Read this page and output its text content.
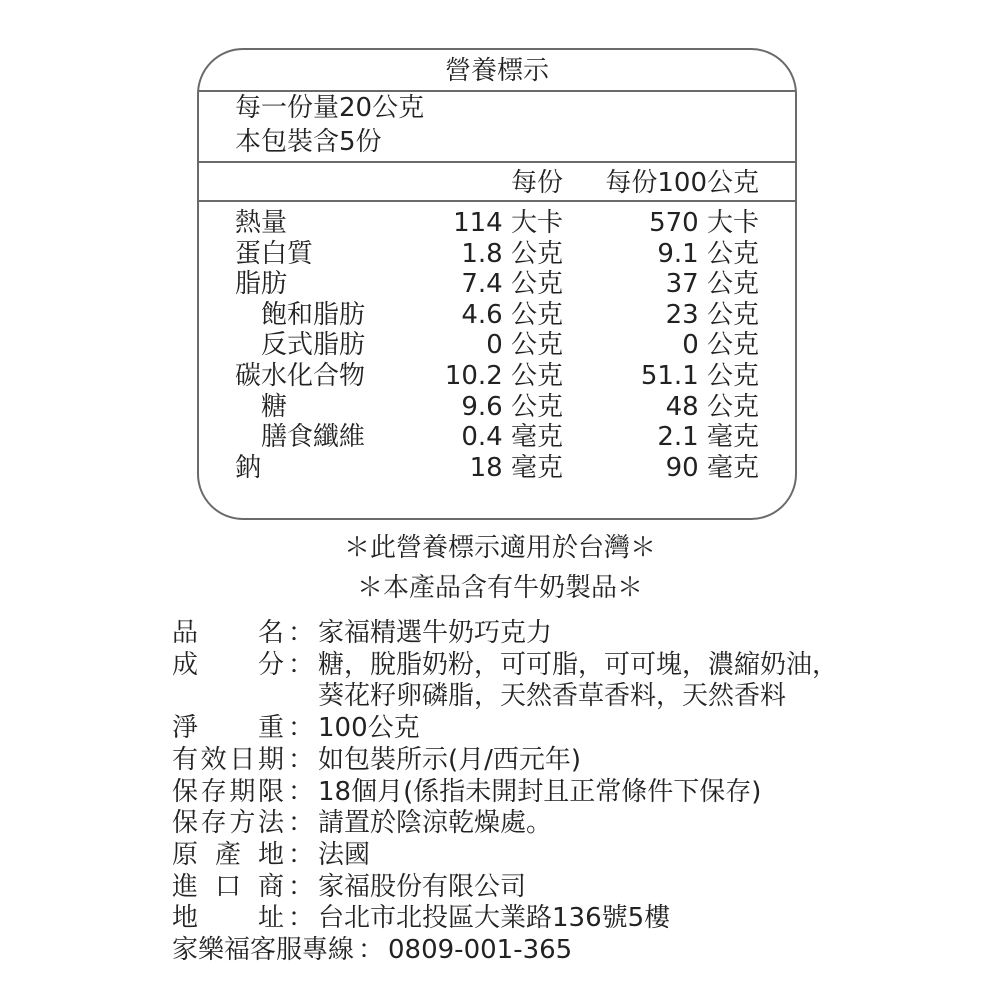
營養標示
每一份量20公克
本包裝含5份
每份 每份100公克
熱量	114 大卡	570 大卡
蛋白質	1.8 公克	9.1 公克
脂肪	7.4 公克	37 公克
飽和脂肪	4.6 公克	23 公克
反式脂肪	0 公克	0 公克
碳水化合物	10.2 公克	51.1 公克
糖	9.6 公克	48 公克
膳食纖維	0.4 毫克	2.1 毫克
鈉	18 毫克	90 毫克
＊此營養標示適用於台灣＊
＊本產品含有牛奶製品＊
品名 ： 家福精選牛奶巧克力
成分 ： 糖，脫脂奶粉，可可脂，可可塊，濃縮奶油，
葵花籽卵磷脂，天然香草香料，天然香料
淨重 ： 100公克
有效日期 ： 如包裝所示(月/西元年)
保存期限 ： 18個月(係指未開封且正常條件下保存)
保存方法 ： 請置於陰涼乾燥處。
原產地 ： 法國
進口商 ： 家福股份有限公司
地址 ： 台北市北投區大業路136號5樓
家樂福客服專線 ： 0809-001-365
